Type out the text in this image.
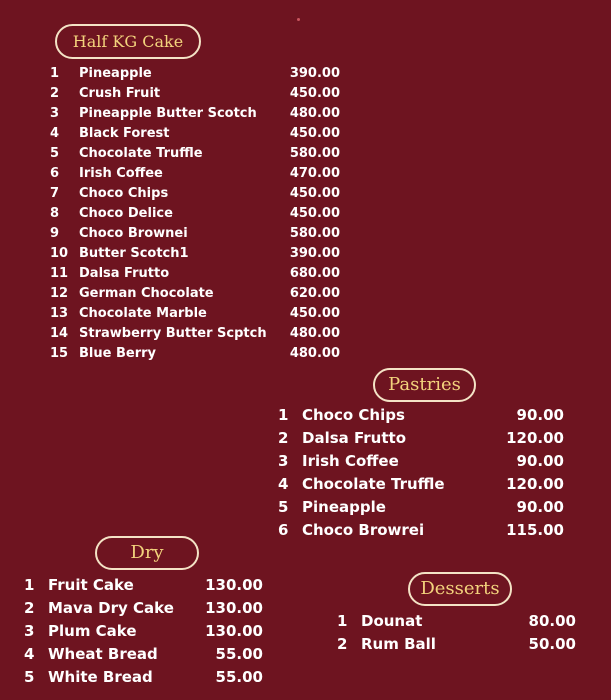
Half KG Cake
1 Pineapple	390.00
2 Crush Fruit	450.00
3 Pineapple Butter Scotch	480.00
4 Black Forest	450.00
5 Chocolate Truffle	580.00
6 Irish Coffee	470.00
7 Choco Chips	450.00
8 Choco Delice	450.00
9 Choco Brownei	580.00
10 Butter Scotch1	390.00
11 Dalsa Frutto	680.00
12 German Chocolate	620.00
13 Chocolate Marble	450.00
14 Strawberry Butter Scptch	480.00
15 Blue Berry	480.00
Pastries
1 Choco Chips	90.00
2 Dalsa Frutto	120.00
3 Irish Coffee	90.00
4 Chocolate Truffle	120.00
5 Pineapple	90.00
6 Choco Browrei	115.00
Dry
1 Fruit Cake	130.00
2 Mava Dry Cake	130.00
3 Plum Cake	130.00
4 Wheat Bread	55.00
5 White Bread	55.00
Desserts
1 Dounat	80.00
2 Rum Ball	50.00
